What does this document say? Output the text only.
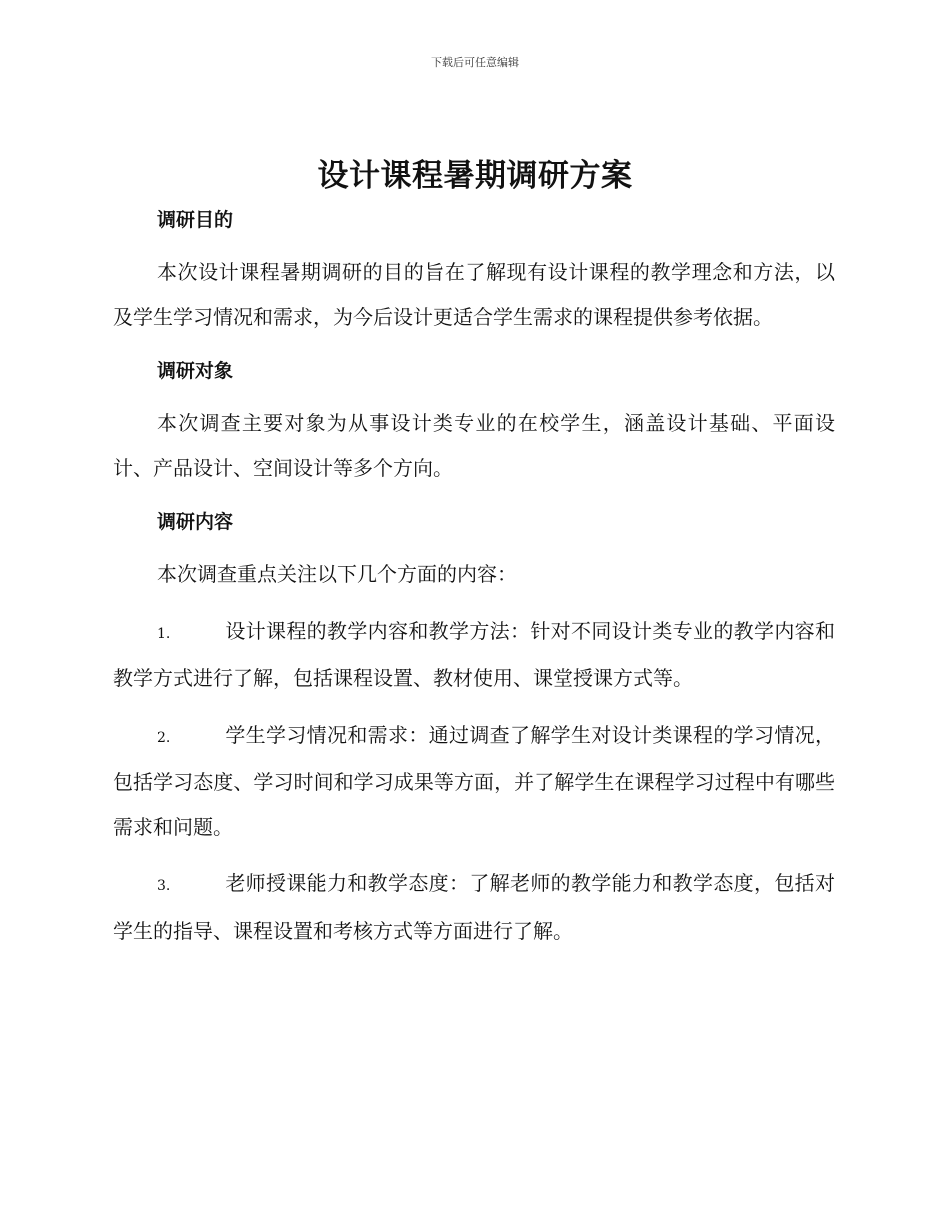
下载后可任意编辑
设计课程暑期调研方案
调研目的

本次设计课程暑期调研的目的旨在了解现有设计课程的教学理念和方法，以及学生学习情况和需求，为今后设计更适合学生需求的课程提供参考依据。

调研对象

本次调查主要对象为从事设计类专业的在校学生，涵盖设计基础、平面设计、产品设计、空间设计等多个方向。

调研内容

本次调查重点关注以下几个方面的内容：

1.	设计课程的教学内容和教学方法：针对不同设计类专业的教学内容和教学方式进行了解，包括课程设置、教材使用、课堂授课方式等。

2.	学生学习情况和需求：通过调查了解学生对设计类课程的学习情况，包括学习态度、学习时间和学习成果等方面，并了解学生在课程学习过程中有哪些需求和问题。

3.	老师授课能力和教学态度：了解老师的教学能力和教学态度，包括对学生的指导、课程设置和考核方式等方面进行了解。
